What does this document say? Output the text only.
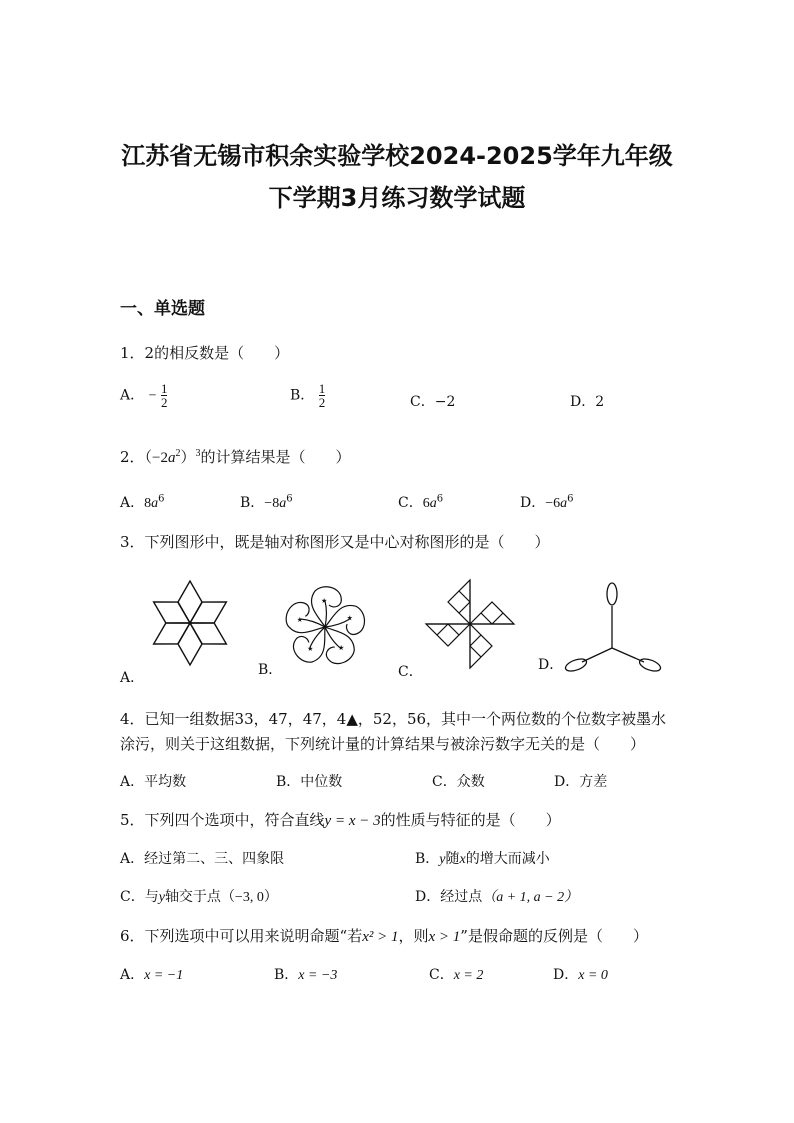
江苏省无锡市积余实验学校2024-2025学年九年级
下学期3月练习数学试题
一、单选题
1．2的相反数是（　　）
A． − $\frac{1}{2}$	B． $\frac{1}{2}$	C．−2	D．2
2．$(-2a^2)^3$的计算结果是（　　）
A．$8a^6$	B．$-8a^6$	C．$6a^6$	D．$-6a^6$
3．下列图形中，既是轴对称图形又是中心对称图形的是（　　）
A．
★
B．	C．	D．
4．已知一组数据33，47，47，4▲，52，56，其中一个两位数的个位数字被墨水
涂污，则关于这组数据，下列统计量的计算结果与被涂污数字无关的是（　　）
A．平均数	B．中位数	C．众数	D．方差
5．下列四个选项中，符合直线y = x − 3的性质与特征的是（　　）
A．经过第二、三、四象限	B．y随x的增大而减小
C．与y轴交于点（−3, 0）	D．经过点（a + 1, a − 2）
6．下列选项中可以用来说明命题“若x² > 1，则x > 1”是假命题的反例是（　　）
A．x = −1	B．x = −3	C．x = 2	D．x = 0
